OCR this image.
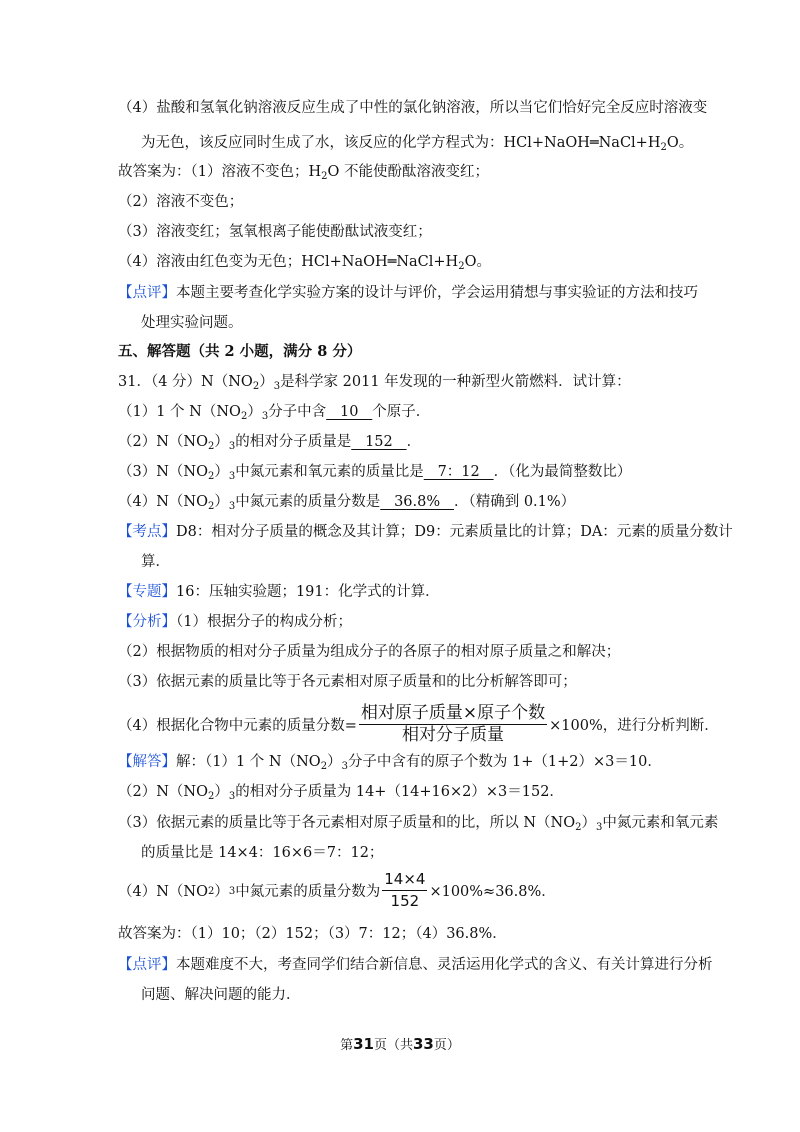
（4）盐酸和氢氧化钠溶液反应生成了中性的氯化钠溶液，所以当它们恰好完全反应时溶液变
为无色，该反应同时生成了水，该反应的化学方程式为：$HCl+NaOH═NaCl+H_2O$。
故答案为：（1）溶液不变色；$H_2O$ 不能使酚酞溶液变红；
（2）溶液不变色；
（3）溶液变红；氢氧根离子能使酚酞试液变红；
（4）溶液由红色变为无色；$HCl+NaOH═NaCl+H_2O$。
【点评】本题主要考查化学实验方案的设计与评价，学会运用猜想与事实验证的方法和技巧
处理实验问题。
五、解答题（共 2 小题，满分 8 分）
31．（4 分）$N(NO_2)_3$是科学家 2011 年发现的一种新型火箭燃料．试计算：
（1）1 个 $N(NO_2)_3$分子中含   10   个原子．
$(2)N(NO_2)_3$的相对分子质量是   152   ．
$(3)N(NO_2)_3$中氮元素和氧元素的质量比是   7：12   ．（化为最简整数比）
$(4)N(NO_2)_3$中氮元素的质量分数是   36.8%   ．（精确到 0.1%）
【考点】D8：相对分子质量的概念及其计算；D9：元素质量比的计算；DA：元素的质量分数计
算．
【专题】16：压轴实验题；191：化学式的计算．
【分析】（1）根据分子的构成分析；
（2）根据物质的相对分子质量为组成分子的各原子的相对原子质量之和解决；
（3）依据元素的质量比等于各元素相对原子质量和的比分析解答即可；
（4）根据化合物中元素的质量分数= $\frac{\text{相对原子质量×原子个数}}{\text{相对分子质量}} \times 100\%$，进行分析判断．
【解答】解：（1）1 个 $N(NO_2)_3$分子中含有的原子个数为 1+（1+2）×3＝10．
$(2)N(NO_2)_3$的相对分子质量为 14+（14+16×2）×3＝152．
（3）依据元素的质量比等于各元素相对原子质量和的比，所以 $N(NO_2)_3$中氮元素和氧元素
的质量比是 14×4：16×6＝7：12；
（4）N（NO 2 ） 3 中氮元素的质量分数为 $\frac{14\times 4}{152} \times 100\%\approx 36.8\%$．
故答案为：（1）10；（2）152；（3）7：12；（4）36.8%．
【点评】本题难度不大，考查同学们结合新信息、灵活运用化学式的含义、有关计算进行分析
问题、解决问题的能力．
第31页（共33页）
